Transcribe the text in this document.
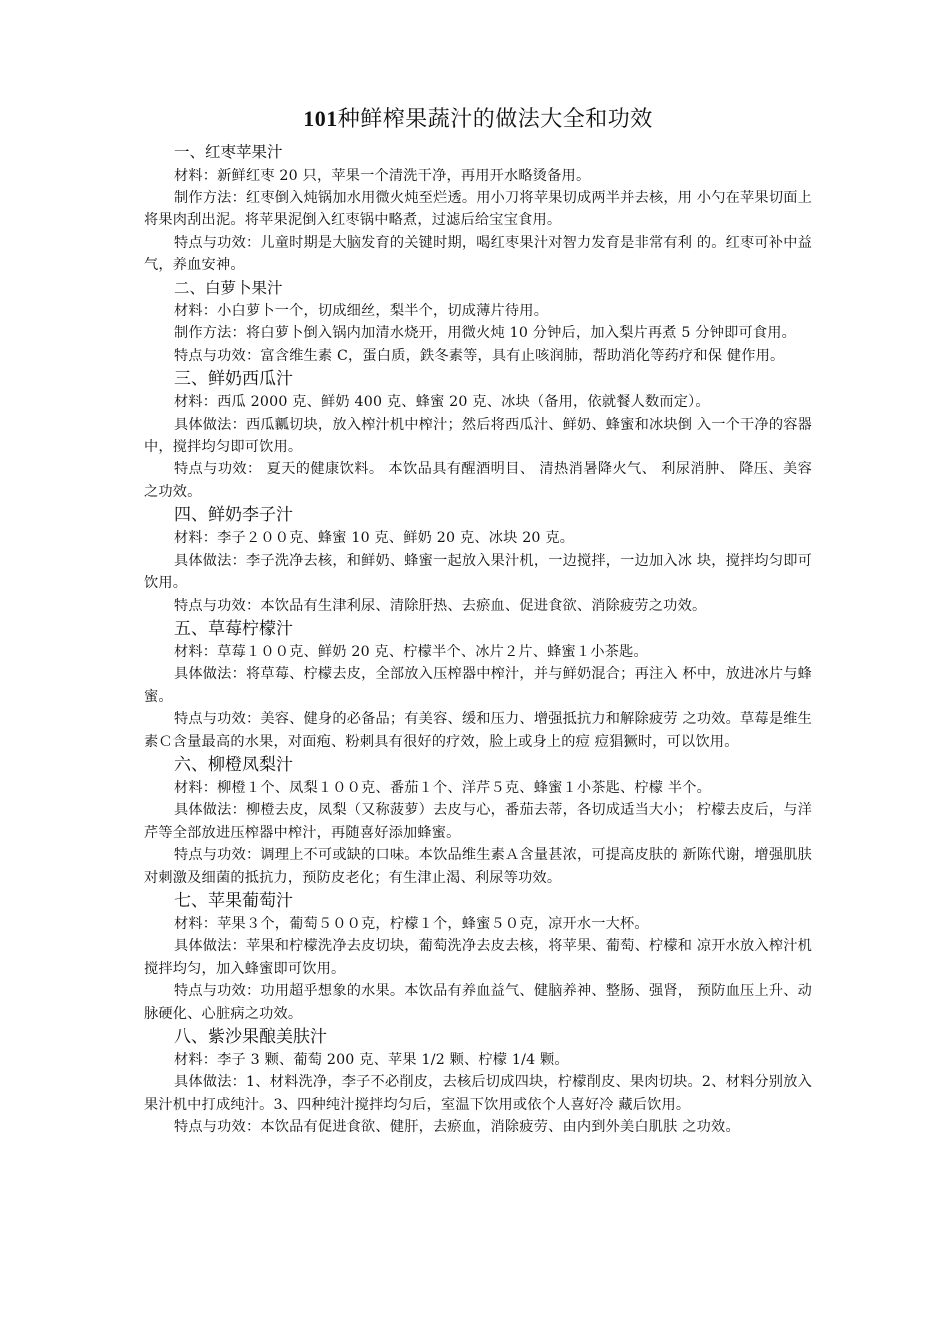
101种鲜榨果蔬汁的做法大全和功效

一、红枣苹果汁

材料：新鲜红枣 20 只，苹果一个清洗干净，再用开水略烫备用。

制作方法：红枣倒入炖锅加水用微火炖至烂透。用小刀将苹果切成两半并去核，用 小勺在苹果切面上将果肉刮出泥。将苹果泥倒入红枣锅中略煮，过滤后给宝宝食用。

特点与功效：儿童时期是大脑发育的关键时期，喝红枣果汁对智力发育是非常有利 的。红枣可补中益气，养血安神。

二、白萝卜果汁

材料：小白萝卜一个，切成细丝，梨半个，切成薄片待用。

制作方法：将白萝卜倒入锅内加清水烧开，用微火炖 10 分钟后，加入梨片再煮 5 分钟即可食用。

特点与功效：富含维生素 C，蛋白质，鉄冬素等，具有止咳润肺，帮助消化等药疗和保 健作用。

三、鲜奶西瓜汁

材料：西瓜 2000 克、鲜奶 400 克、蜂蜜 20 克、冰块（备用，依就餐人数而定）。

具体做法：西瓜瓤切块，放入榨汁机中榨汁；然后将西瓜汁、鲜奶、蜂蜜和冰块倒 入一个干净的容器中，搅拌均匀即可饮用。

特点与功效： 夏天的健康饮料。 本饮品具有醒酒明目、 清热消暑降火气、 利尿消肿、 降压、美容之功效。

四、鲜奶李子汁

材料：李子２００克、蜂蜜 10 克、鲜奶 20 克、冰块 20 克。

具体做法：李子洗净去核，和鲜奶、蜂蜜一起放入果汁机，一边搅拌，一边加入冰 块，搅拌均匀即可饮用。

特点与功效：本饮品有生津利尿、清除肝热、去瘀血、促进食欲、消除疲劳之功效。

五、草莓柠檬汁

材料：草莓１００克、鲜奶 20 克、柠檬半个、冰片２片、蜂蜜１小茶匙。

具体做法：将草莓、柠檬去皮，全部放入压榨器中榨汁，并与鲜奶混合；再注入 杯中，放进冰片与蜂蜜。

特点与功效：美容、健身的必备品；有美容、缓和压力、增强抵抗力和解除疲劳 之功效。草莓是维生素Ｃ含量最高的水果，对面疱、粉刺具有很好的疗效，脸上或身上的痘 痘猖獗时，可以饮用。

六、柳橙凤梨汁

材料：柳橙１个、凤梨１００克、番茄１个、洋芹５克、蜂蜜１小茶匙、柠檬 半个。

具体做法：柳橙去皮，凤梨（又称菠萝）去皮与心，番茄去蒂，各切成适当大小； 柠檬去皮后，与洋芹等全部放进压榨器中榨汁，再随喜好添加蜂蜜。

特点与功效：调理上不可或缺的口味。本饮品维生素Ａ含量甚浓，可提高皮肤的 新陈代谢，增强肌肤对刺激及细菌的抵抗力，预防皮老化；有生津止渴、利尿等功效。

七、苹果葡萄汁

材料：苹果３个，葡萄５００克，柠檬１个，蜂蜜５０克，凉开水一大杯。

具体做法：苹果和柠檬洗净去皮切块，葡萄洗净去皮去核，将苹果、葡萄、柠檬和 凉开水放入榨汁机搅拌均匀，加入蜂蜜即可饮用。

特点与功效：功用超乎想象的水果。本饮品有养血益气、健脑养神、整肠、强肾， 预防血压上升、动脉硬化、心脏病之功效。

八、紫沙果酿美肤汁

材料：李子 3 颗、葡萄 200 克、苹果 1/2 颗、柠檬 1/4 颗。

具体做法：1、材料洗净，李子不必削皮，去核后切成四块，柠檬削皮、果肉切块。2、材料分别放入果汁机中打成纯汁。3、四种纯汁搅拌均匀后，室温下饮用或依个人喜好冷 藏后饮用。

特点与功效：本饮品有促进食欲、健肝，去瘀血，消除疲劳、由内到外美白肌肤 之功效。
